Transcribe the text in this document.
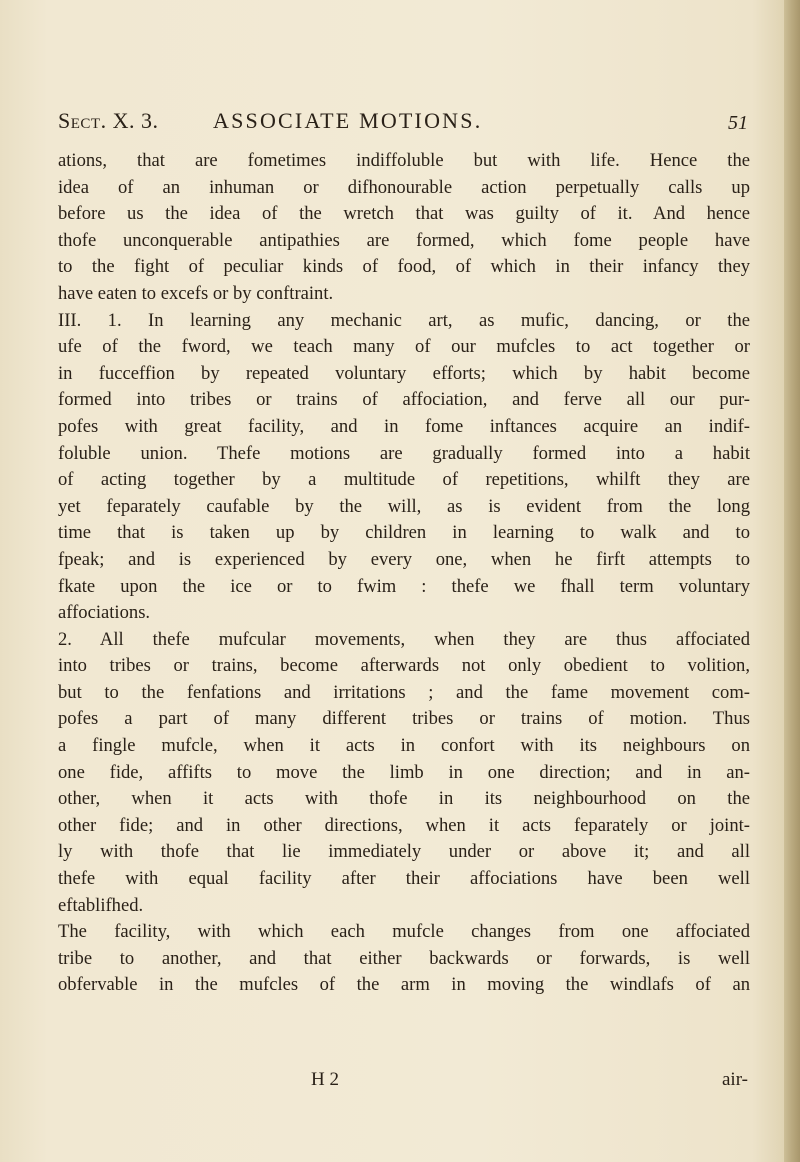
Sect. X. 3. ASSOCIATE MOTIONS.	51
ations, that are fometimes indiffoluble but with life. Hence the
idea of an inhuman or difhonourable action perpetually calls up
before us the idea of the wretch that was guilty of it. And hence
thofe unconquerable antipathies are formed, which fome people have
to the fight of peculiar kinds of food, of which in their infancy they
have eaten to excefs or by conftraint.
III. 1. In learning any mechanic art, as mufic, dancing, or the
ufe of the fword, we teach many of our mufcles to act together or
in fucceffion by repeated voluntary efforts; which by habit become
formed into tribes or trains of affociation, and ferve all our pur-
pofes with great facility, and in fome inftances acquire an indif-
foluble union. Thefe motions are gradually formed into a habit
of acting together by a multitude of repetitions, whilft they are
yet feparately caufable by the will, as is evident from the long
time that is taken up by children in learning to walk and to
fpeak; and is experienced by every one, when he firft attempts to
fkate upon the ice or to fwim : thefe we fhall term voluntary
affociations.
2. All thefe mufcular movements, when they are thus affociated
into tribes or trains, become afterwards not only obedient to volition,
but to the fenfations and irritations ; and the fame movement com-
pofes a part of many different tribes or trains of motion. Thus
a fingle mufcle, when it acts in confort with its neighbours on
one fide, affifts to move the limb in one direction; and in an-
other, when it acts with thofe in its neighbourhood on the
other fide; and in other directions, when it acts feparately or joint-
ly with thofe that lie immediately under or above it; and all
thefe with equal facility after their affociations have been well
eftablifhed.
The facility, with which each mufcle changes from one affociated
tribe to another, and that either backwards or forwards, is well
obfervable in the mufcles of the arm in moving the windlafs of an
H 2	air-
